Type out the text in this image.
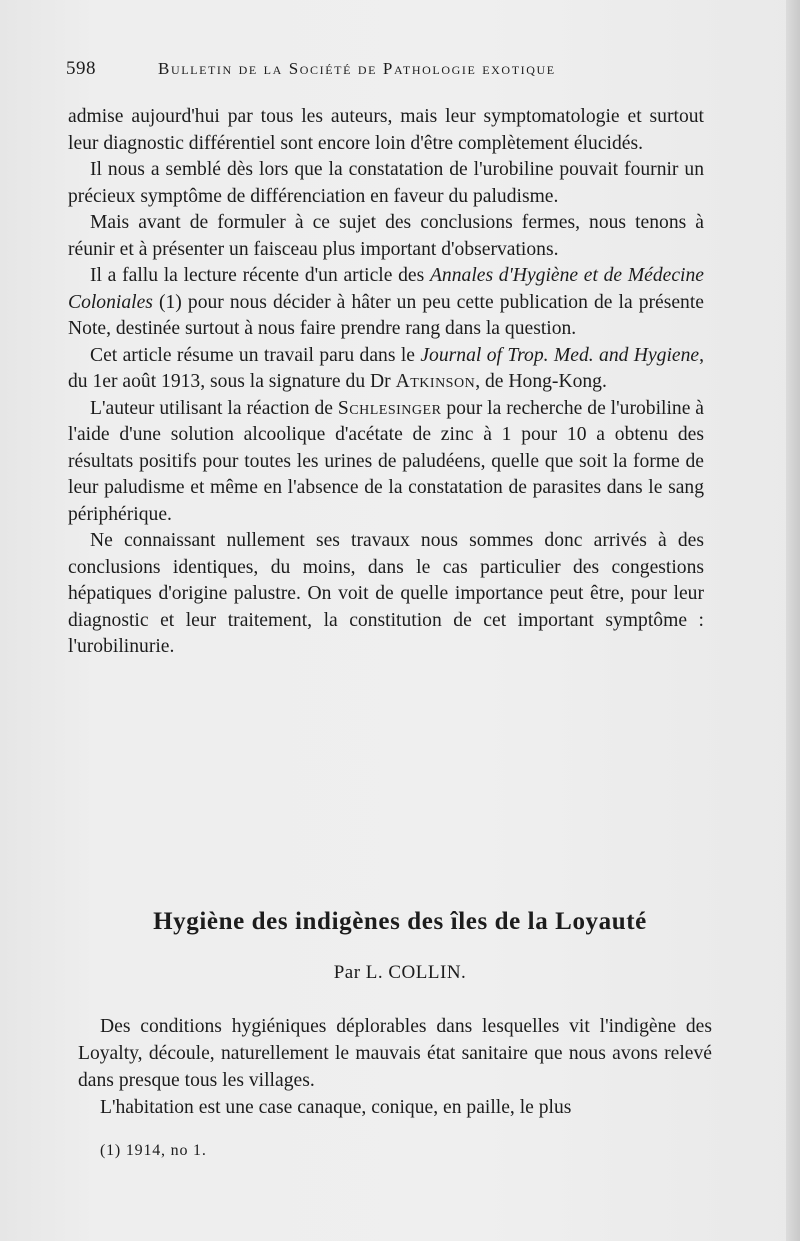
598	Bulletin de la Société de Pathologie exotique

admise aujourd'hui par tous les auteurs, mais leur symptomatologie et surtout leur diagnostic différentiel sont encore loin d'être complètement élucidés.

Il nous a semblé dès lors que la constatation de l'urobiline pouvait fournir un précieux symptôme de différenciation en faveur du paludisme.

Mais avant de formuler à ce sujet des conclusions fermes, nous tenons à réunir et à présenter un faisceau plus important d'observations.

Il a fallu la lecture récente d'un article des Annales d'Hygiène et de Médecine Coloniales (1) pour nous décider à hâter un peu cette publication de la présente Note, destinée surtout à nous faire prendre rang dans la question.

Cet article résume un travail paru dans le Journal of Trop. Med. and Hygiene, du 1er août 1913, sous la signature du Dr Atkinson, de Hong-Kong.

L'auteur utilisant la réaction de Schlesinger pour la recherche de l'urobiline à l'aide d'une solution alcoolique d'acétate de zinc à 1 pour 10 a obtenu des résultats positifs pour toutes les urines de paludéens, quelle que soit la forme de leur paludisme et même en l'absence de la constatation de parasites dans le sang périphérique.

Ne connaissant nullement ses travaux nous sommes donc arrivés à des conclusions identiques, du moins, dans le cas particulier des congestions hépatiques d'origine palustre. On voit de quelle importance peut être, pour leur diagnostic et leur traitement, la constitution de cet important symptôme : l'urobilinurie.

Hygiène des indigènes des îles de la Loyauté
Par L. COLLIN.

Des conditions hygiéniques déplorables dans lesquelles vit l'indigène des Loyalty, découle, naturellement le mauvais état sanitaire que nous avons relevé dans presque tous les villages.

L'habitation est une case canaque, conique, en paille, le plus

(1) 1914, no 1.
